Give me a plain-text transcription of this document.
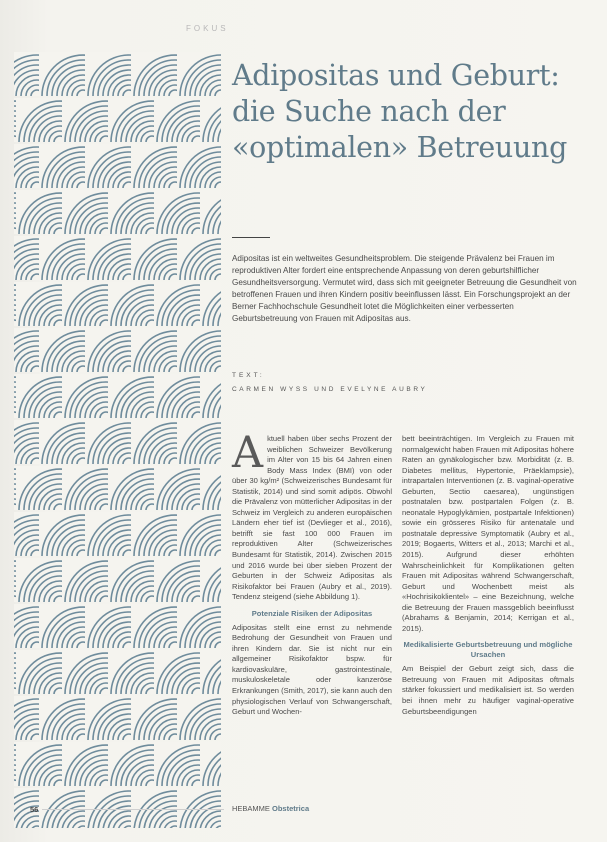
FOKUS
Adipositas und Geburt: die Suche nach der «optimalen» Betreuung

Adipositas ist ein weltweites Gesundheitsproblem. Die steigende Prävalenz bei Frauen im reproduktiven Alter fordert eine entsprechende Anpassung von deren geburtshilflicher Gesundheitsversorgung. Vermutet wird, dass sich mit geeigneter Betreuung die Gesundheit von betroffenen Frauen und ihren Kindern positiv beeinflussen lässt. Ein Forschungsprojekt an der Berner Fachhochschule Gesundheit lotet die Möglichkeiten einer verbesserten Geburtsbetreuung von Frauen mit Adipositas aus.

TEXT:
CARMEN WYSS UND EVELYNE AUBRY

Aktuell haben über sechs Prozent der weiblichen Schweizer Bevölkerung im Alter von 15 bis 64 Jahren einen Body Mass Index (BMI) von oder über 30 kg/m² (Schweizerisches Bundesamt für Statistik, 2014) und sind somit adipös. Obwohl die Prävalenz von mütterlicher Adipositas in der Schweiz im Vergleich zu anderen europäischen Ländern eher tief ist (Devlieger et al., 2016), betrifft sie fast 100 000 Frauen im reproduktiven Alter (Schweizerisches Bundesamt für Statistik, 2014). Zwischen 2015 und 2016 wurde bei über sieben Prozent der Geburten in der Schweiz Adipositas als Risikofaktor bei Frauen (Aubry et al., 2019). Tendenz steigend (siehe Abbildung 1).

Potenziale Risiken der Adipositas

Adipositas stellt eine ernst zu nehmende Bedrohung der Gesundheit von Frauen und ihren Kindern dar. Sie ist nicht nur ein allgemeiner Risikofaktor bspw. für kardiovaskuläre, gastrointestinale, muskuloskeletale oder kanzeröse Erkrankungen (Smith, 2017), sie kann auch den physiologischen Verlauf von Schwangerschaft, Geburt und Wochen-

bett beeinträchtigen. Im Vergleich zu Frauen mit normalgewicht haben Frauen mit Adipositas höhere Raten an gynäkologischer bzw. Morbidität (z. B. Diabetes mellitus, Hypertonie, Präeklampsie), intrapartalen Interventionen (z. B. vaginal-operative Geburten, Sectio caesarea), ungünstigen postnatalen bzw. postpartalen Folgen (z. B. neonatale Hypoglykämien, postpartale Infektionen) sowie ein grösseres Risiko für antenatale und postnatale depressive Symptomatik (Aubry et al., 2019; Bogaerts, Witters et al., 2013; Marchi et al., 2015). Aufgrund dieser erhöhten Wahrscheinlichkeit für Komplikationen gelten Frauen mit Adipositas während Schwangerschaft, Geburt und Wochenbett meist als «Hochrisikoklientel» – eine Bezeichnung, welche die Betreuung der Frauen massgeblich beeinflusst (Abrahams & Benjamin, 2014; Kerrigan et al., 2015).

Medikalisierte Geburtsbetreuung und mögliche Ursachen

Am Beispiel der Geburt zeigt sich, dass die Betreuung von Frauen mit Adipositas oftmals stärker fokussiert und medikalisiert ist. So werden bei ihnen mehr zu häufiger vaginal-operative Geburtsbeendigungen

56	HEBAMME Obstetrica
